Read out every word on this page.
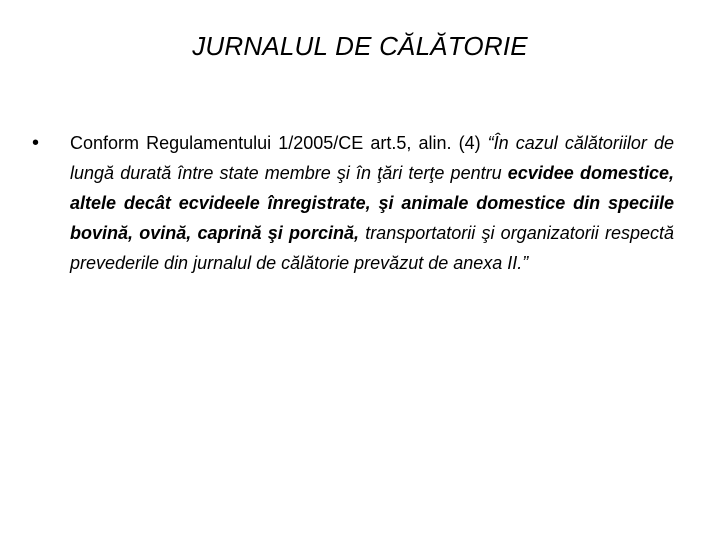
JURNALUL DE CĂLĂTORIE
• Conform Regulamentului 1/2005/CE art.5, alin. (4) “În cazul călătoriilor de lungă durată între state membre şi în ţări terţe pentru ecvidee domestice, altele decât ecvideele înregistrate, şi animale domestice din speciile bovină, ovină, caprină şi porcină, transportatorii şi organizatorii respectă prevederile din jurnalul de călătorie prevăzut de anexa II.”
